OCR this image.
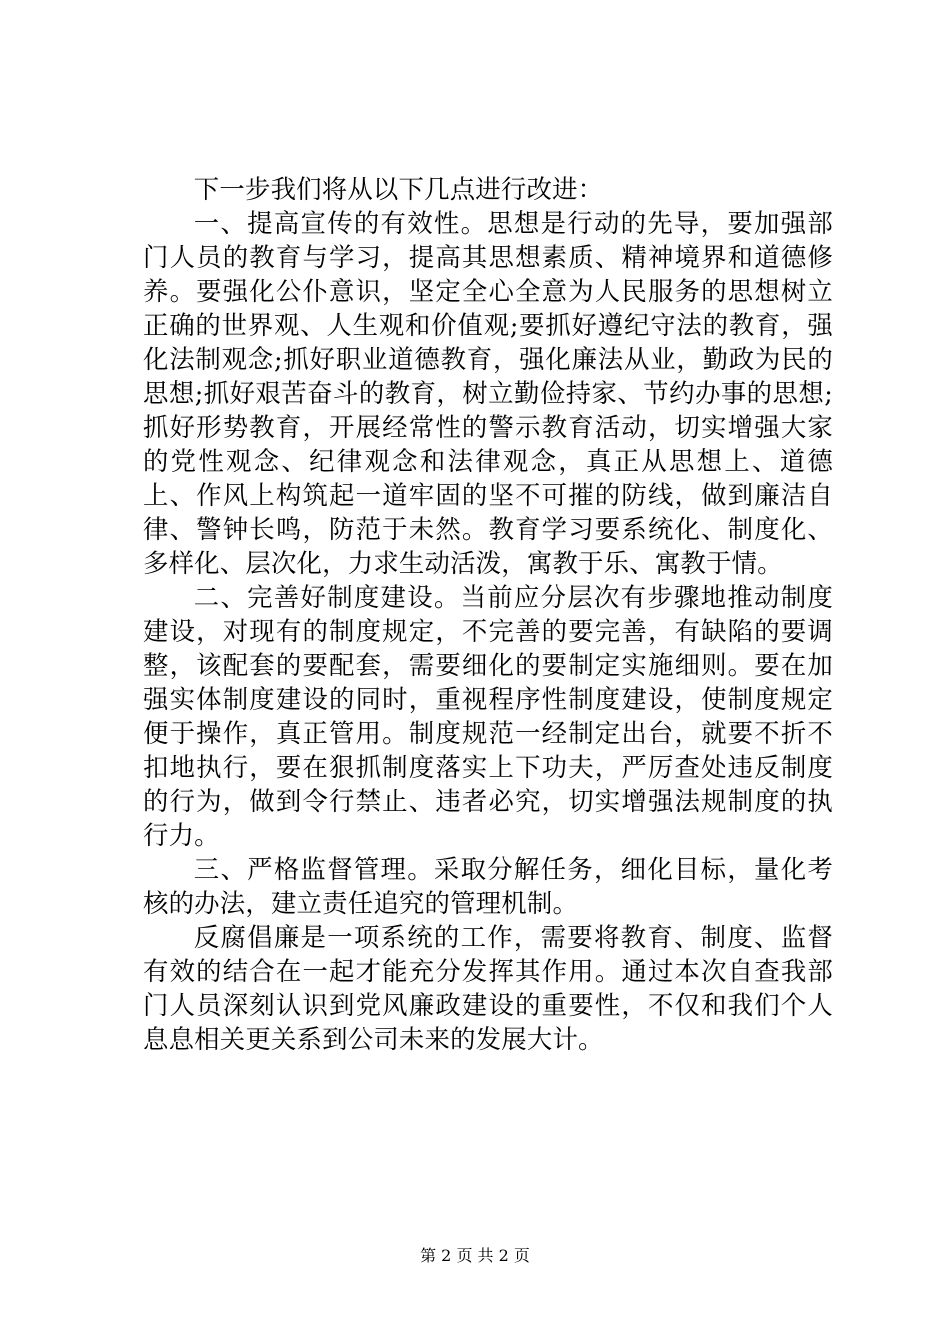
下一步我们将从以下几点进行改进：

一、提高宣传的有效性。思想是行动的先导，要加强部门人员的教育与学习，提高其思想素质、精神境界和道德修养。要强化公仆意识，坚定全心全意为人民服务的思想树立正确的世界观、人生观和价值观;要抓好遵纪守法的教育，强化法制观念;抓好职业道德教育，强化廉法从业，勤政为民的思想;抓好艰苦奋斗的教育，树立勤俭持家、节约办事的思想;抓好形势教育，开展经常性的警示教育活动，切实增强大家的党性观念、纪律观念和法律观念，真正从思想上、道德上、作风上构筑起一道牢固的坚不可摧的防线，做到廉洁自律、警钟长鸣，防范于未然。教育学习要系统化、制度化、多样化、层次化，力求生动活泼，寓教于乐、寓教于情。

二、完善好制度建设。当前应分层次有步骤地推动制度建设，对现有的制度规定，不完善的要完善，有缺陷的要调整，该配套的要配套，需要细化的要制定实施细则。要在加强实体制度建设的同时，重视程序性制度建设，使制度规定便于操作，真正管用。制度规范一经制定出台，就要不折不扣地执行，要在狠抓制度落实上下功夫，严厉查处违反制度的行为，做到令行禁止、违者必究，切实增强法规制度的执行力。

三、严格监督管理。采取分解任务，细化目标，量化考核的办法，建立责任追究的管理机制。

反腐倡廉是一项系统的工作，需要将教育、制度、监督有效的结合在一起才能充分发挥其作用。通过本次自查我部门人员深刻认识到党风廉政建设的重要性，不仅和我们个人息息相关更关系到公司未来的发展大计。

第 2 页 共 2 页
